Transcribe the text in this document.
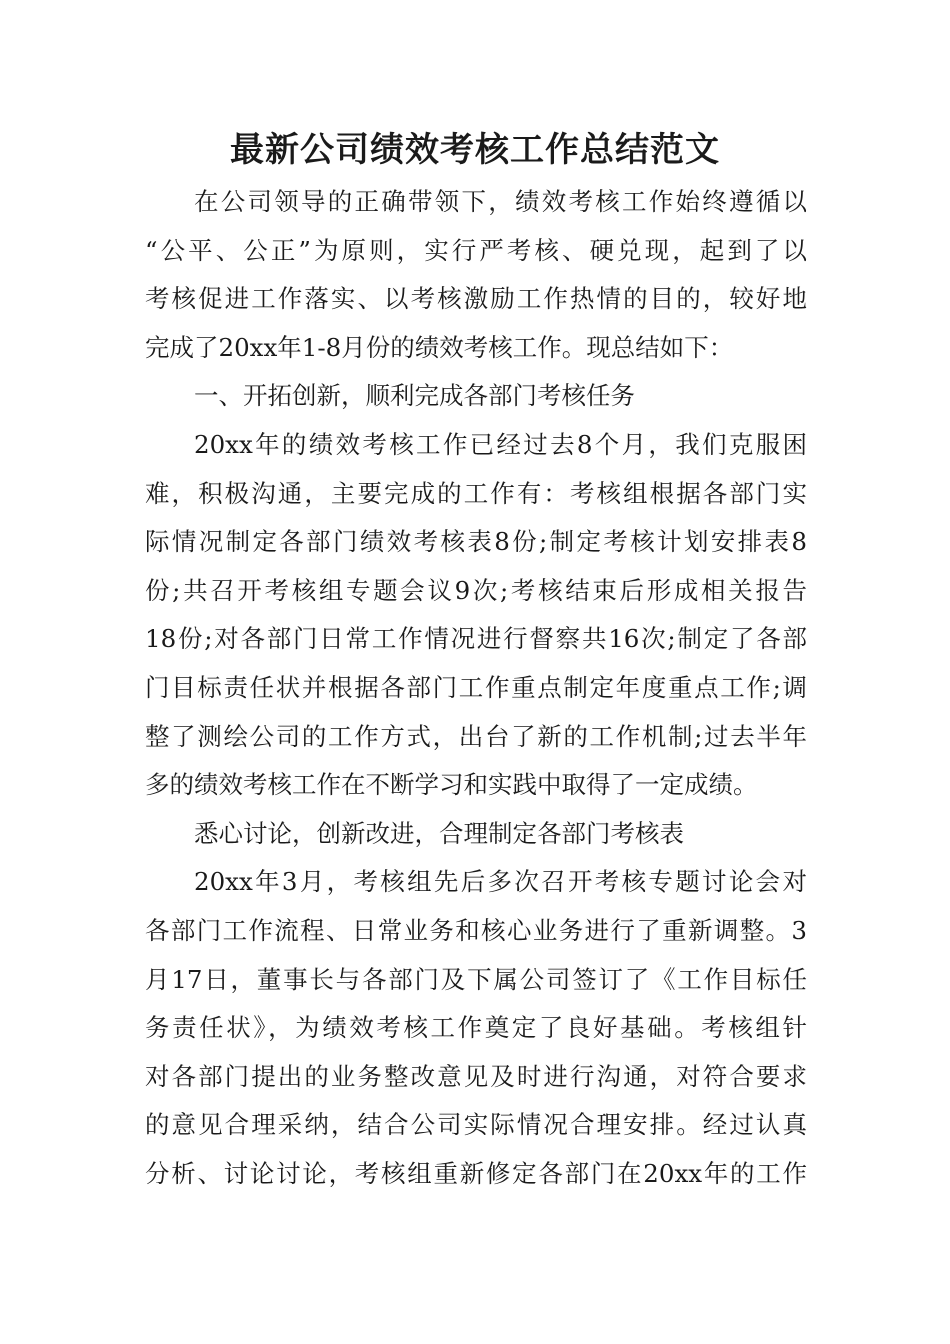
最新公司绩效考核工作总结范文
在公司领导的正确带领下，绩效考核工作始终遵循以
“公平、公正”为原则，实行严考核、硬兑现，起到了以
考核促进工作落实、以考核激励工作热情的目的，较好地
完成了20xx年1-8月份的绩效考核工作。现总结如下：
一、开拓创新，顺利完成各部门考核任务
20xx年的绩效考核工作已经过去8个月，我们克服困
难，积极沟通，主要完成的工作有：考核组根据各部门实
际情况制定各部门绩效考核表8份;制定考核计划安排表8
份;共召开考核组专题会议9次;考核结束后形成相关报告
18份;对各部门日常工作情况进行督察共16次;制定了各部
门目标责任状并根据各部门工作重点制定年度重点工作;调
整了测绘公司的工作方式，出台了新的工作机制;过去半年
多的绩效考核工作在不断学习和实践中取得了一定成绩。
悉心讨论，创新改进，合理制定各部门考核表
20xx年3月，考核组先后多次召开考核专题讨论会对
各部门工作流程、日常业务和核心业务进行了重新调整。3
月17日，董事长与各部门及下属公司签订了《工作目标任
务责任状》，为绩效考核工作奠定了良好基础。考核组针
对各部门提出的业务整改意见及时进行沟通，对符合要求
的意见合理采纳，结合公司实际情况合理安排。经过认真
分析、讨论讨论，考核组重新修定各部门在20xx年的工作
